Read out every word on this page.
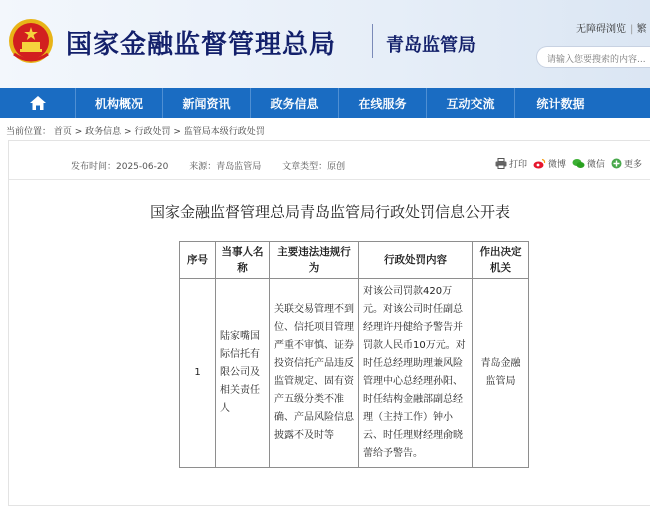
国家金融监督管理总局	青岛监管局
无障碍浏览 | 繁
请输入您要搜索的内容...
机构概况	新闻资讯	政务信息	在线服务	互动交流	统计数据
当前位置： 首页 > 政务信息 > 行政处罚 > 监管局本级行政处罚
发布时间：2025-06-20 来源：青岛监管局 文章类型：原创	打印 微博 微信 更多
国家金融监督管理总局青岛监管局行政处罚信息公开表
序号	当事人名称	主要违法违规行为	行政处罚内容	作出决定机关
1	陆家嘴国际信托有限公司及相关责任人	关联交易管理不到位、信托项目管理严重不审慎、证券投资信托产品违反监管规定、固有资产五级分类不准确、产品风险信息披露不及时等	对该公司罚款420万元。对该公司时任副总经理许丹健给予警告并罚款人民币10万元。对时任总经理助理兼风险管理中心总经理孙阳、时任结构金融部副总经理（主持工作）钟小云、时任理财经理俞晓蕾给予警告。	青岛金融监管局
